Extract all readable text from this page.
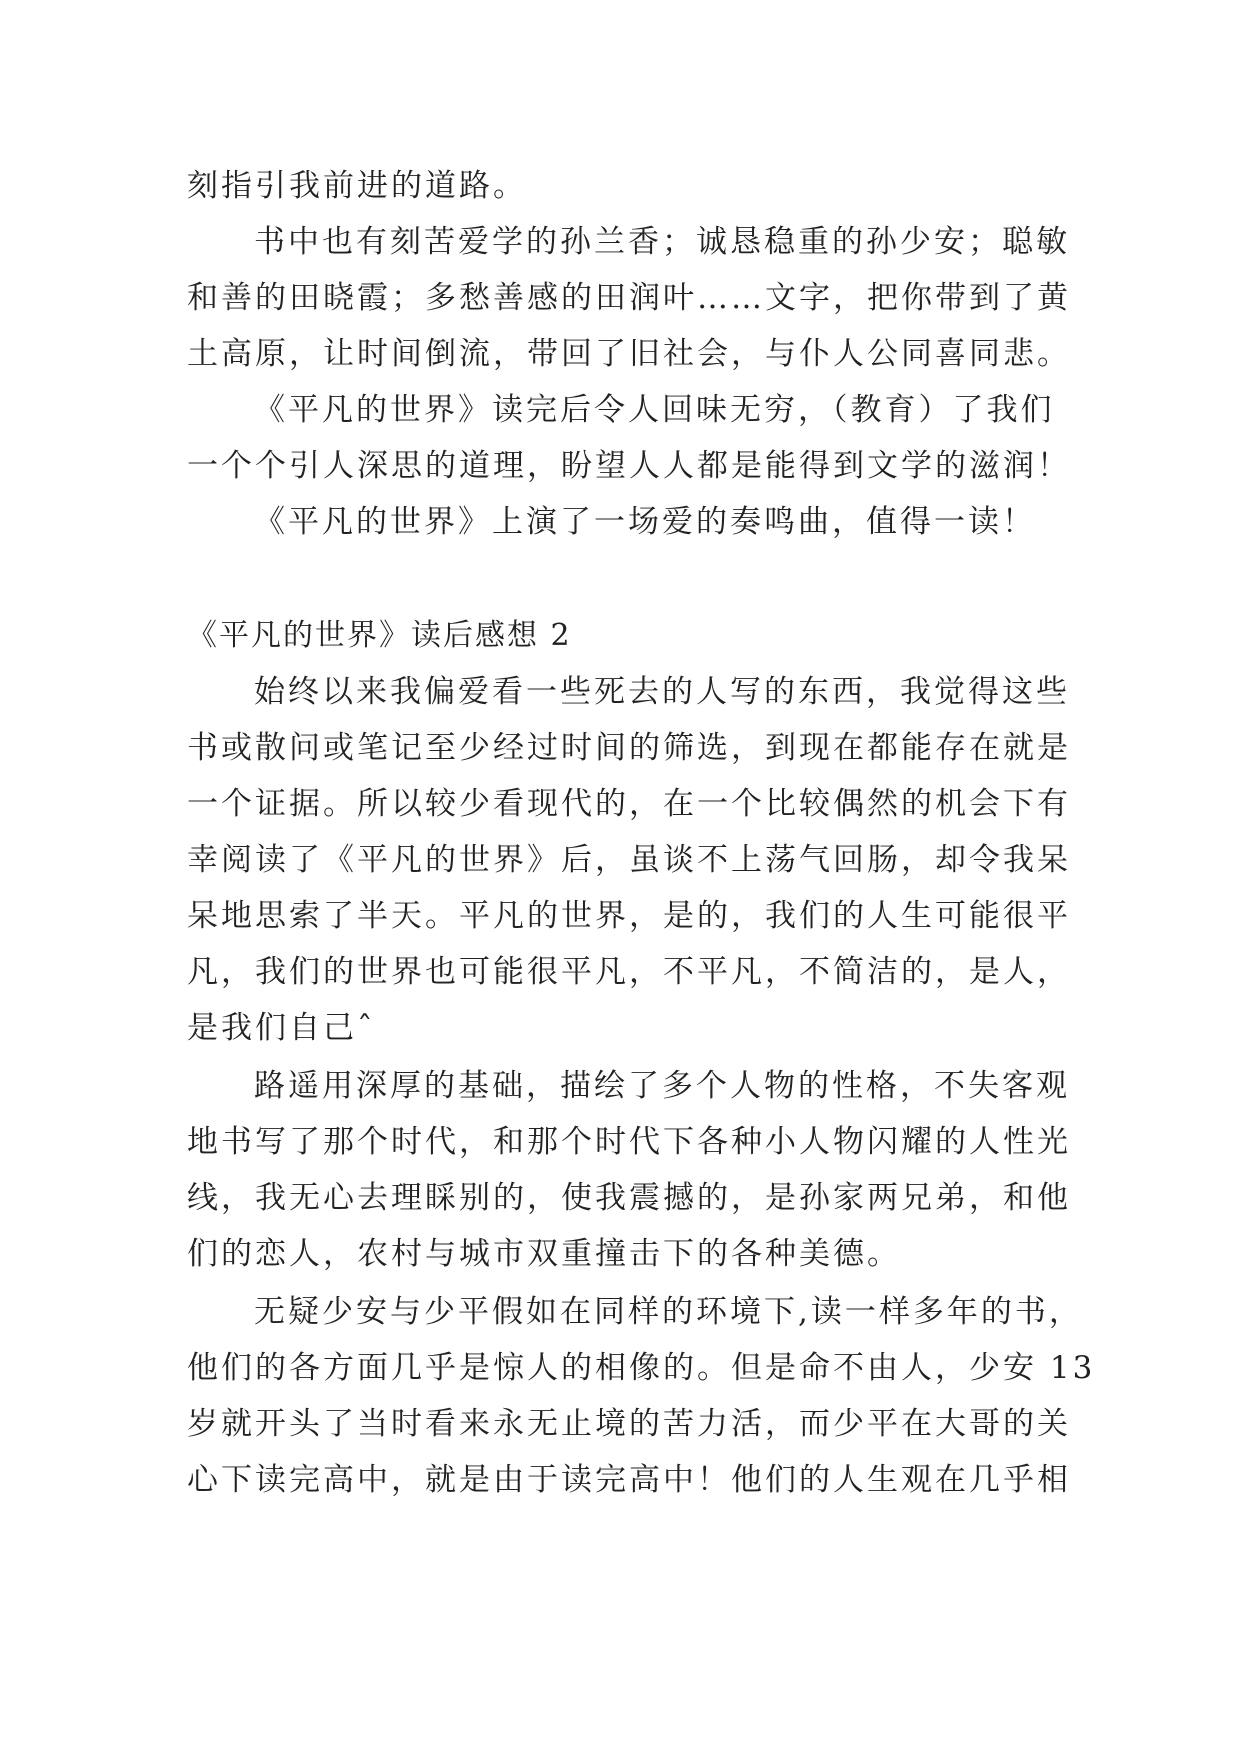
刻指引我前进的道路。
书中也有刻苦爱学的孙兰香；诚恳稳重的孙少安；聪敏
和善的田晓霞；多愁善感的田润叶……文字，把你带到了黄
土高原，让时间倒流，带回了旧社会，与仆人公同喜同悲。
《平凡的世界》读完后令人回味无穷，（教育）了我们
一个个引人深思的道理，盼望人人都是能得到文学的滋润！
《平凡的世界》上演了一场爱的奏鸣曲，值得一读！
《平凡的世界》读后感想 2
始终以来我偏爱看一些死去的人写的东西，我觉得这些
书或散问或笔记至少经过时间的筛选，到现在都能存在就是
一个证据。所以较少看现代的，在一个比较偶然的机会下有
幸阅读了《平凡的世界》后，虽谈不上荡气回肠，却令我呆
呆地思索了半天。平凡的世界，是的，我们的人生可能很平
凡，我们的世界也可能很平凡，不平凡，不简洁的，是人，
是我们自己ˆ
路遥用深厚的基础，描绘了多个人物的性格，不失客观
地书写了那个时代，和那个时代下各种小人物闪耀的人性光
线，我无心去理睬别的，使我震撼的，是孙家两兄弟，和他
们的恋人，农村与城市双重撞击下的各种美德。
无疑少安与少平假如在同样的环境下,读一样多年的书，
他们的各方面几乎是惊人的相像的。但是命不由人，少安 13
岁就开头了当时看来永无止境的苦力活，而少平在大哥的关
心下读完高中，就是由于读完高中！他们的人生观在几乎相
